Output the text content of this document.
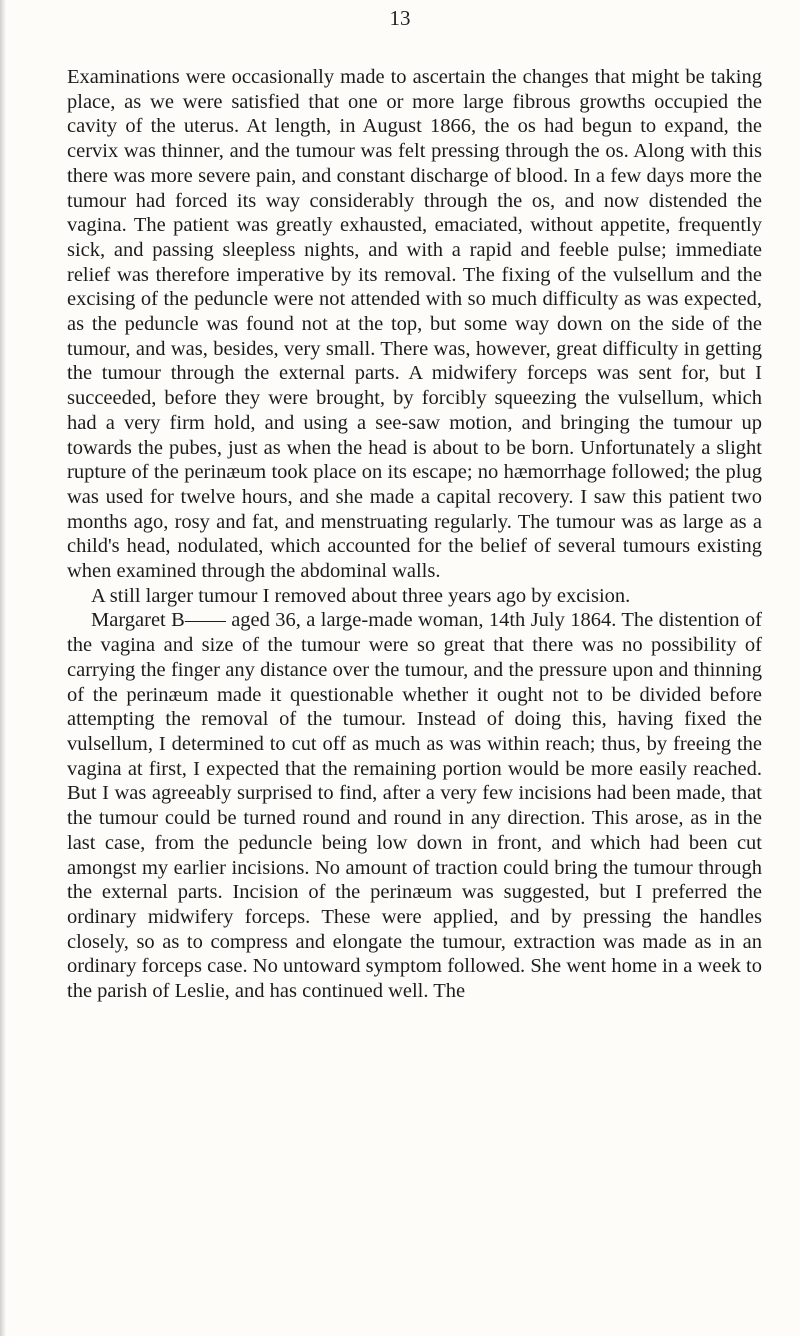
13

Examinations were occasionally made to ascertain the changes that might be taking place, as we were satisfied that one or more large fibrous growths occupied the cavity of the uterus. At length, in August 1866, the os had begun to expand, the cervix was thinner, and the tumour was felt pressing through the os. Along with this there was more severe pain, and constant discharge of blood. In a few days more the tumour had forced its way considerably through the os, and now distended the vagina. The patient was greatly exhausted, emaciated, without appetite, frequently sick, and passing sleepless nights, and with a rapid and feeble pulse; immediate relief was therefore imperative by its removal. The fixing of the vulsellum and the excising of the peduncle were not attended with so much difficulty as was expected, as the peduncle was found not at the top, but some way down on the side of the tumour, and was, besides, very small. There was, however, great difficulty in getting the tumour through the external parts. A midwifery forceps was sent for, but I succeeded, before they were brought, by forcibly squeezing the vulsellum, which had a very firm hold, and using a see-saw motion, and bringing the tumour up towards the pubes, just as when the head is about to be born. Unfortunately a slight rupture of the perinæum took place on its escape; no hæmorrhage followed; the plug was used for twelve hours, and she made a capital recovery. I saw this patient two months ago, rosy and fat, and menstruating regularly. The tumour was as large as a child's head, nodulated, which accounted for the belief of several tumours existing when examined through the abdominal walls.

A still larger tumour I removed about three years ago by excision.

Margaret B—— aged 36, a large-made woman, 14th July 1864. The distention of the vagina and size of the tumour were so great that there was no possibility of carrying the finger any distance over the tumour, and the pressure upon and thinning of the perinæum made it questionable whether it ought not to be divided before attempting the removal of the tumour. Instead of doing this, having fixed the vulsellum, I determined to cut off as much as was within reach; thus, by freeing the vagina at first, I expected that the remaining portion would be more easily reached. But I was agreeably surprised to find, after a very few incisions had been made, that the tumour could be turned round and round in any direction. This arose, as in the last case, from the peduncle being low down in front, and which had been cut amongst my earlier incisions. No amount of traction could bring the tumour through the external parts. Incision of the perinæum was suggested, but I preferred the ordinary midwifery forceps. These were applied, and by pressing the handles closely, so as to compress and elongate the tumour, extraction was made as in an ordinary forceps case. No untoward symptom followed. She went home in a week to the parish of Leslie, and has continued well. The
